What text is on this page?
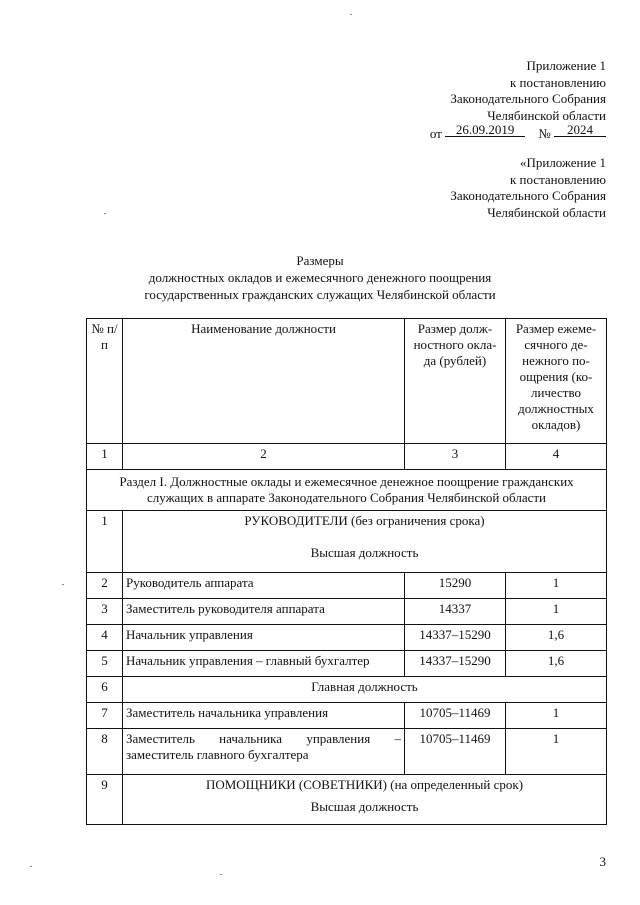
Приложение 1
к постановлению
Законодательного Собрания
Челябинской области
от 26.09.2019 № 2024
«Приложение 1
к постановлению
Законодательного Собрания
Челябинской области
Размеры
должностных окладов и ежемесячного денежного поощрения
государственных гражданских служащих Челябинской области
№ п/п	Наименование должности	Размер долж-ностного окла-да (рублей)	Размер ежеме-сячного де-нежного по-ощрения (ко-личество должностных окладов)
1	2	3	4
Раздел I. Должностные оклады и ежемесячное денежное поощрение гражданских служащих в аппарате Законодательного Собрания Челябинской области			
1	РУКОВОДИТЕЛИ (без ограничения срока)
Высшая должность		

2	Руководитель аппарата	15290	1
3	Заместитель руководителя аппарата	14337	1
4	Начальник управления	14337–15290	1,6
5	Начальник управления – главный бухгалтер	14337–15290	1,6
6	Главная должность		
7	Заместитель начальника управления	10705–11469	1
8	Заместитель начальника управления – заместитель главного бухгалтера	10705–11469	1
9	ПОМОЩНИКИ (СОВЕТНИКИ) (на определенный срок)
Высшая должность		
3
